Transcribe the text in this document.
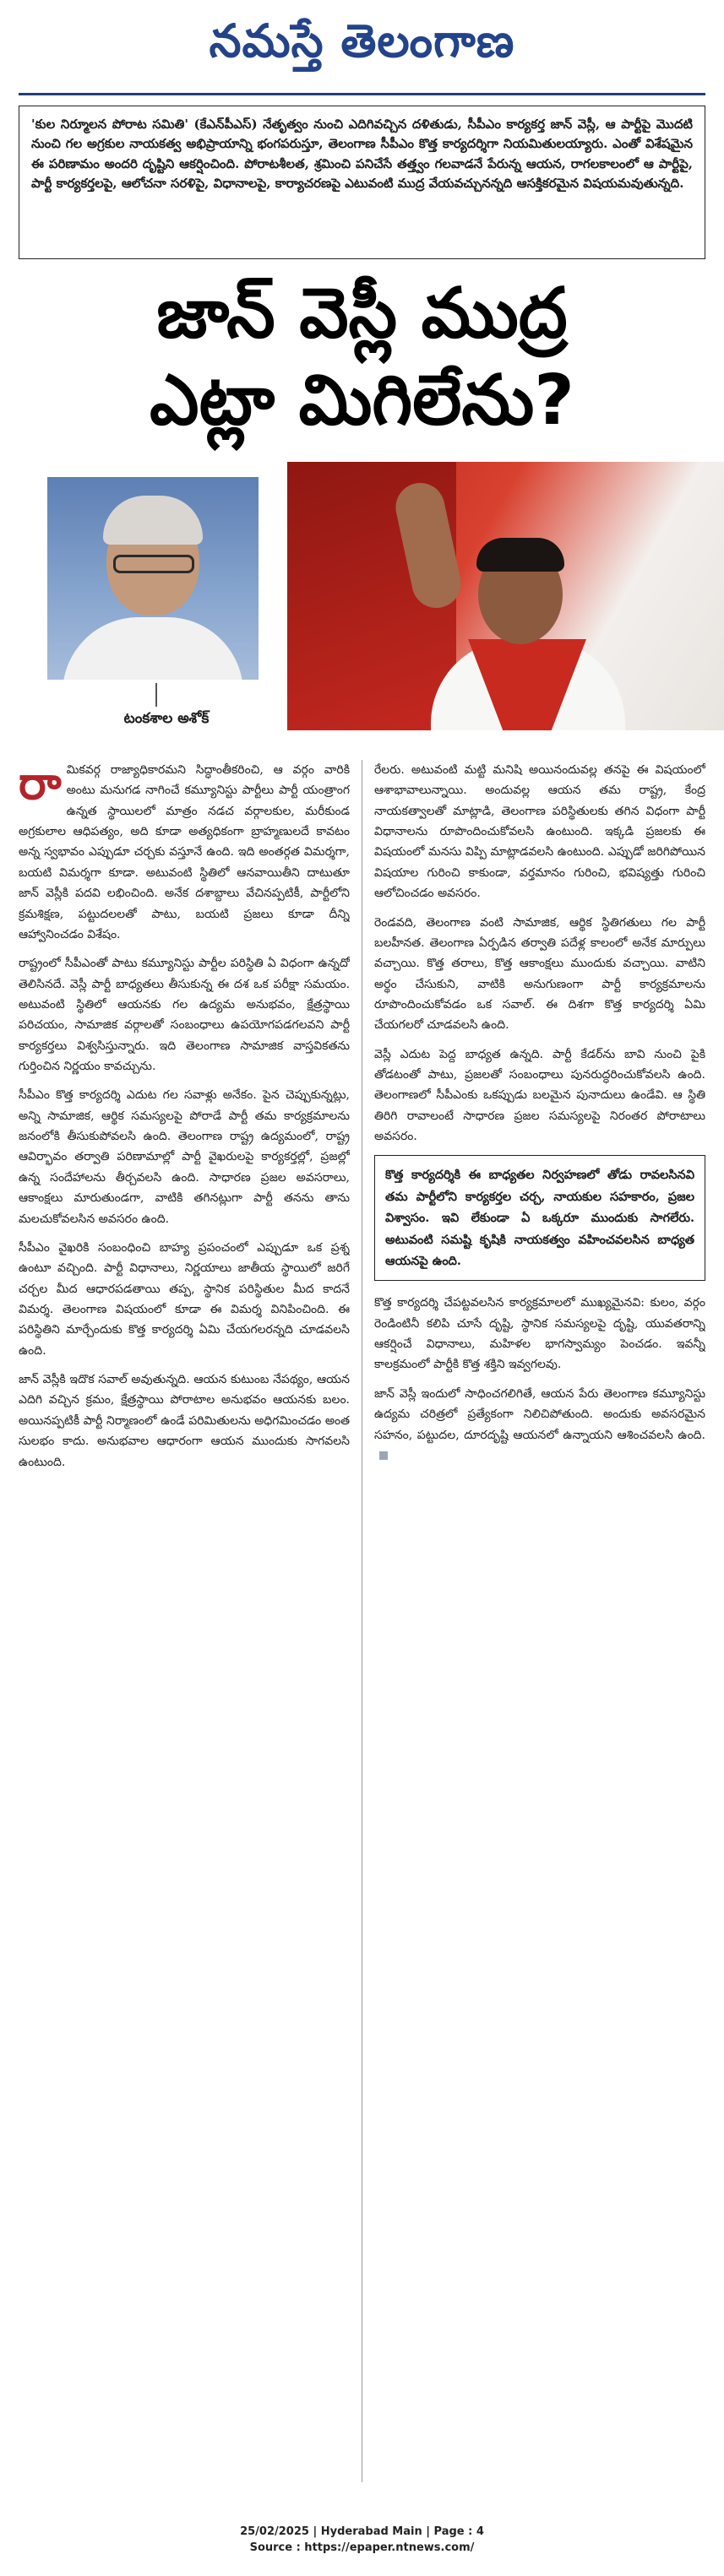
నమస్తే తెలంగాణ
'కుల నిర్మూలన పోరాట సమితి' (కేఎన్‌పీఎస్) నేతృత్వం నుంచి ఎదిగివచ్చిన దళితుడు, సీపీఎం కార్యకర్త జాన్ వెస్లీ, ఆ పార్టీపై మొదటి నుంచి గల అగ్రకుల నాయకత్వ అభిప్రాయాన్ని భంగపరుస్తూ, తెలంగాణ సీపీఎం కొత్త కార్యదర్శిగా నియమితులయ్యారు. ఎంతో విశేషమైన ఈ పరిణామం అందరి దృష్టిని ఆకర్షించింది. పోరాటశీలత, శ్రమించి పనిచేసే తత్త్వం గలవాడనే పేరున్న ఆయన, రాగలకాలంలో ఆ పార్టీపై, పార్టీ కార్యకర్తలపై, ఆలోచనా సరళిపై, విధానాలపై, కార్యాచరణపై ఎటువంటి ముద్ర వేయవచ్చునన్నది ఆసక్తికరమైన విషయమవుతున్నది.
జాన్ వెస్లీ ముద్ర
ఎట్లా మిగిలేను?
టంకశాల అశోక్

రా మికవర్గ రాజ్యాధికారమని సిద్ధాంతీకరించి, ఆ వర్గం వారికి అంటు మనుగడ నాగించే కమ్యూనిస్టు పార్టీలు పార్టీ యంత్రాంగ ఉన్నత స్థాయిలలో మాత్రం నడచ వర్గాలకుల, మరీకుండ అగ్రకులాల ఆధిపత్యం, అది కూడా అత్యధికంగా బ్రాహ్మణులదే కావటం అన్న స్వభావం ఎప్పుడూ చర్చకు వస్తూనే ఉంది. ఇది అంతర్గత విమర్శగా, బయటి విమర్శగా కూడా. అటువంటి స్థితిలో ఆనవాయితీని దాటుతూ జాన్ వెస్లీకి పదవి లభించింది. అనేక దశాబ్దాలు వేచినప్పటికీ, పార్టీలోని క్రమశిక్షణ, పట్టుదలలతో పాటు, బయటి ప్రజలు కూడా దీన్ని ఆహ్వానించడం విశేషం.

రాష్ట్రంలో సీపీఎంతో పాటు కమ్యూనిస్టు పార్టీల పరిస్థితి ఏ విధంగా ఉన్నదో తెలిసినదే. వెస్లీ పార్టీ బాధ్యతలు తీసుకున్న ఈ దశ ఒక పరీక్షా సమయం. అటువంటి స్థితిలో ఆయనకు గల ఉద్యమ అనుభవం, క్షేత్రస్థాయి పరిచయం, సామాజిక వర్గాలతో సంబంధాలు ఉపయోగపడగలవని పార్టీ కార్యకర్తలు విశ్వసిస్తున్నారు. ఇది తెలంగాణ సామాజిక వాస్తవికతను గుర్తించిన నిర్ణయం కావచ్చును.

సీపీఎం కొత్త కార్యదర్శి ఎదుట గల సవాళ్లు అనేకం. పైన చెప్పుకున్నట్లు, అన్ని సామాజిక, ఆర్థిక సమస్యలపై పోరాడే పార్టీ తమ కార్యక్రమాలను జనంలోకి తీసుకుపోవలసి ఉంది. తెలంగాణ రాష్ట్ర ఉద్యమంలో, రాష్ట్ర ఆవిర్భావం తర్వాతి పరిణామాల్లో పార్టీ వైఖరులపై కార్యకర్తల్లో, ప్రజల్లో ఉన్న సందేహాలను తీర్చవలసి ఉంది. సాధారణ ప్రజల అవసరాలు, ఆకాంక్షలు మారుతుండగా, వాటికి తగినట్లుగా పార్టీ తనను తాను మలచుకోవలసిన అవసరం ఉంది.

సీపీఎం వైఖరికి సంబంధించి బాహ్య ప్రపంచంలో ఎప్పుడూ ఒక ప్రశ్న ఉంటూ వచ్చింది. పార్టీ విధానాలు, నిర్ణయాలు జాతీయ స్థాయిలో జరిగే చర్చల మీద ఆధారపడతాయి తప్ప, స్థానిక పరిస్థితుల మీద కాదనే విమర్శ. తెలంగాణ విషయంలో కూడా ఈ విమర్శ వినిపించింది. ఈ పరిస్థితిని మార్చేందుకు కొత్త కార్యదర్శి ఏమి చేయగలరన్నది చూడవలసి ఉంది.

జాన్ వెస్లీకి ఇదొక సవాల్ అవుతున్నది. ఆయన కుటుంబ నేపథ్యం, ఆయన ఎదిగి వచ్చిన క్రమం, క్షేత్రస్థాయి పోరాటాల అనుభవం ఆయనకు బలం. అయినప్పటికీ పార్టీ నిర్మాణంలో ఉండే పరిమితులను అధిగమించడం అంత సులభం కాదు. అనుభవాల ఆధారంగా ఆయన ముందుకు సాగవలసి ఉంటుంది.

రేలరు. అటువంటి మట్టి మనిషి అయినందువల్ల తనపై ఈ విషయంలో ఆశాభావాలున్నాయి. అందువల్ల ఆయన తమ రాష్ట్ర, కేంద్ర నాయకత్వాలతో మాట్లాడి, తెలంగాణ పరిస్థితులకు తగిన విధంగా పార్టీ విధానాలను రూపొందించుకోవలసి ఉంటుంది. ఇక్కడి ప్రజలకు ఈ విషయంలో మనసు విప్పి మాట్లాడవలసి ఉంటుంది. ఎప్పుడో జరిగిపోయిన విషయాల గురించి కాకుండా, వర్తమానం గురించి, భవిష్యత్తు గురించి ఆలోచించడం అవసరం.

రెండవది, తెలంగాణ వంటి సామాజిక, ఆర్థిక స్థితిగతులు గల పార్టీ బలహీనత. తెలంగాణ ఏర్పడిన తర్వాతి పదేళ్ల కాలంలో అనేక మార్పులు వచ్చాయి. కొత్త తరాలు, కొత్త ఆకాంక్షలు ముందుకు వచ్చాయి. వాటిని అర్థం చేసుకుని, వాటికి అనుగుణంగా పార్టీ కార్యక్రమాలను రూపొందించుకోవడం ఒక సవాల్. ఈ దిశగా కొత్త కార్యదర్శి ఏమి చేయగలరో చూడవలసి ఉంది.

వెస్లీ ఎదుట పెద్ద బాధ్యత ఉన్నది. పార్టీ కేడర్‌ను బావి నుంచి పైకి తోడటంతో పాటు, ప్రజలతో సంబంధాలు పునరుద్ధరించుకోవలసి ఉంది. తెలంగాణలో సీపీఎంకు ఒకప్పుడు బలమైన పునాదులు ఉండేవి. ఆ స్థితి తిరిగి రావాలంటే సాధారణ ప్రజల సమస్యలపై నిరంతర పోరాటాలు అవసరం.

కొత్త కార్యదర్శికి ఈ బాధ్యతల నిర్వహణలో తోడు రావలసినవి తమ పార్టీలోని కార్యకర్తల చర్చ, నాయకుల సహకారం, ప్రజల విశ్వాసం. ఇవి లేకుండా ఏ ఒక్కరూ ముందుకు సాగలేరు. అటువంటి సమష్టి కృషికి నాయకత్వం వహించవలసిన బాధ్యత ఆయనపై ఉంది.

కొత్త కార్యదర్శి చేపట్టవలసిన కార్యక్రమాలలో ముఖ్యమైనవి: కులం, వర్గం రెండింటినీ కలిపి చూసే దృష్టి, స్థానిక సమస్యలపై దృష్టి, యువతరాన్ని ఆకర్షించే విధానాలు, మహిళల భాగస్వామ్యం పెంచడం. ఇవన్నీ కాలక్రమంలో పార్టీకి కొత్త శక్తిని ఇవ్వగలవు.

జాన్ వెస్లీ ఇందులో సాధించగలిగితే, ఆయన పేరు తెలంగాణ కమ్యూనిస్టు ఉద్యమ చరిత్రలో ప్రత్యేకంగా నిలిచిపోతుంది. అందుకు అవసరమైన సహనం, పట్టుదల, దూరదృష్టి ఆయనలో ఉన్నాయని ఆశించవలసి ఉంది.

25/02/2025 | Hyderabad Main | Page : 4
Source : https://epaper.ntnews.com/
